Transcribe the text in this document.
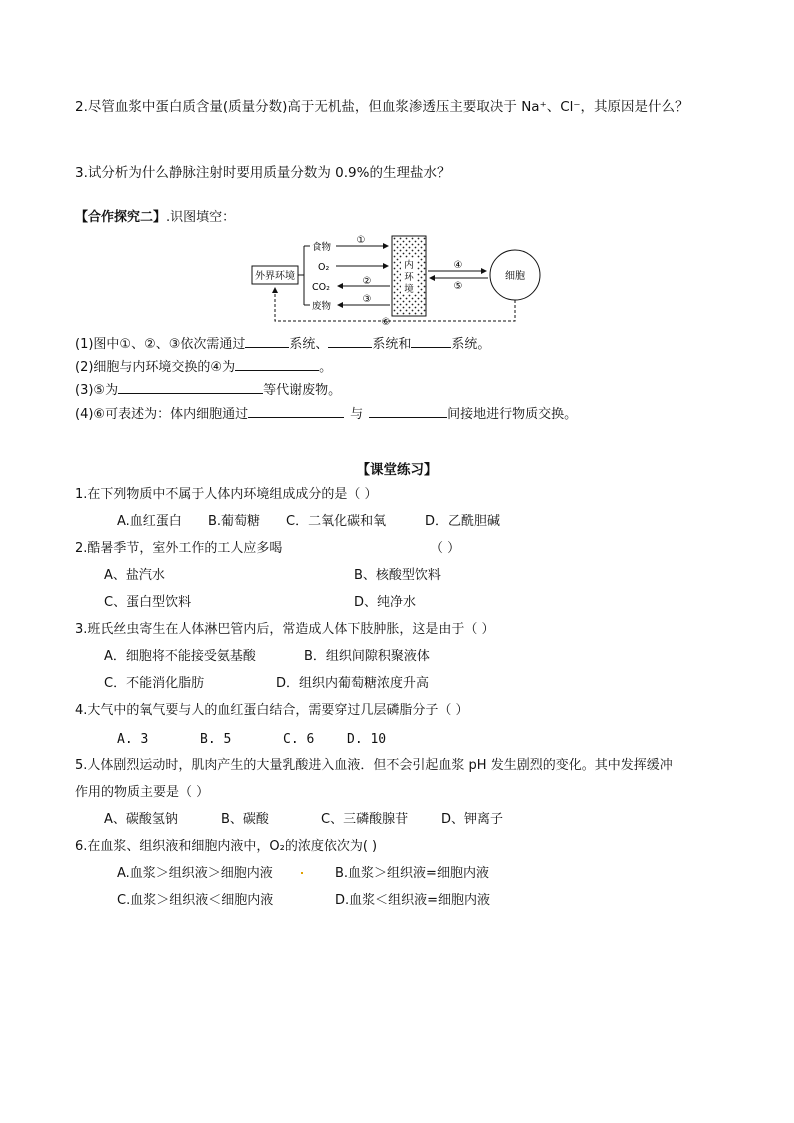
2.尽管血浆中蛋白质含量(质量分数)高于无机盐，但血浆渗透压主要取决于 Na⁺、Cl⁻，其原因是什么？
3.试分析为什么静脉注射时要用质量分数为 0.9%的生理盐水？
【合作探究二】.识图填空：
外界环境
食物
O₂
CO₂
废物
①
②
③
内
环
境
④
⑤
细胞
⑥
(1)图中①、②、③依次需通过	系统、	系统和	系统。
(2)细胞与内环境交换的④为	。
(3)⑤为	等代谢废物。
(4)⑥可表述为：体内细胞通过	与	间接地进行物质交换。
【课堂练习】
1.在下列物质中不属于人体内环境组成成分的是（ ）
A.血红蛋白 B.葡萄糖 C．二氧化碳和氧	D．乙酰胆碱
2.酷暑季节，室外工作的工人应多喝	（ ）
A、盐汽水	B、核酸型饮料
C、蛋白型饮料	D、纯净水
3.班氏丝虫寄生在人体淋巴管内后，常造成人体下肢肿胀，这是由于（ ）
A．细胞将不能接受氨基酸	B．组织间隙积聚液体
C．不能消化脂肪	D．组织内葡萄糖浓度升高
4.大气中的氧气要与人的血红蛋白结合，需要穿过几层磷脂分子（ ）
A. 3	B. 5	C. 6	D. 10
5.人体剧烈运动时，肌肉产生的大量乳酸进入血液．但不会引起血浆 pH 发生剧烈的变化。其中发挥缓冲
作用的物质主要是（ ）
A、碳酸氢钠	B、碳酸	C、三磷酸腺苷	D、钾离子
6.在血浆、组织液和细胞内液中，O₂的浓度依次为( )
A.血浆＞组织液＞细胞内液	B.血浆＞组织液=细胞内液
C.血浆＞组织液＜细胞内液	D.血浆＜组织液=细胞内液
